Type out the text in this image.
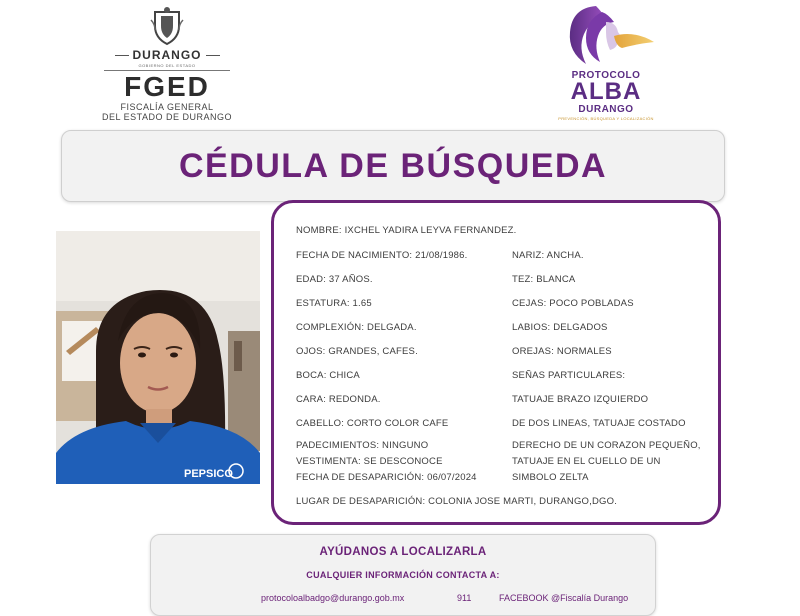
DURANGO
GOBIERNO DEL ESTADO
FGED
FISCALÍA GENERAL
DEL ESTADO DE DURANGO
PROTOCOLO
ALBA
DURANGO
PREVENCIÓN, BÚSQUEDA Y LOCALIZACIÓN
CÉDULA DE BÚSQUEDA
PEPSICO
NOMBRE: IXCHEL YADIRA LEYVA FERNANDEZ.
FECHA DE NACIMIENTO: 21/08/1986.
EDAD: 37 AÑOS.
ESTATURA: 1.65
COMPLEXIÓN: DELGADA.
OJOS: GRANDES, CAFES.
BOCA: CHICA
CARA: REDONDA.
CABELLO: CORTO COLOR CAFE
PADECIMIENTOS: NINGUNO
VESTIMENTA: SE DESCONOCE
FECHA DE DESAPARICIÓN: 06/07/2024
NARIZ: ANCHA.
TEZ: BLANCA
CEJAS: POCO POBLADAS
LABIOS: DELGADOS
OREJAS: NORMALES
SEÑAS PARTICULARES:
TATUAJE BRAZO IZQUIERDO
DE DOS LINEAS, TATUAJE COSTADO
DERECHO DE UN CORAZON PEQUEÑO,
TATUAJE EN EL CUELLO DE UN
SIMBOLO ZELTA
LUGAR DE DESAPARICIÓN: COLONIA JOSE MARTI, DURANGO,DGO.
AYÚDANOS A LOCALIZARLA
CUALQUIER INFORMACIÓN CONTACTA A:
protocoloalbadgo@durango.gob.mx	911	FACEBOOK @Fiscalía Durango
